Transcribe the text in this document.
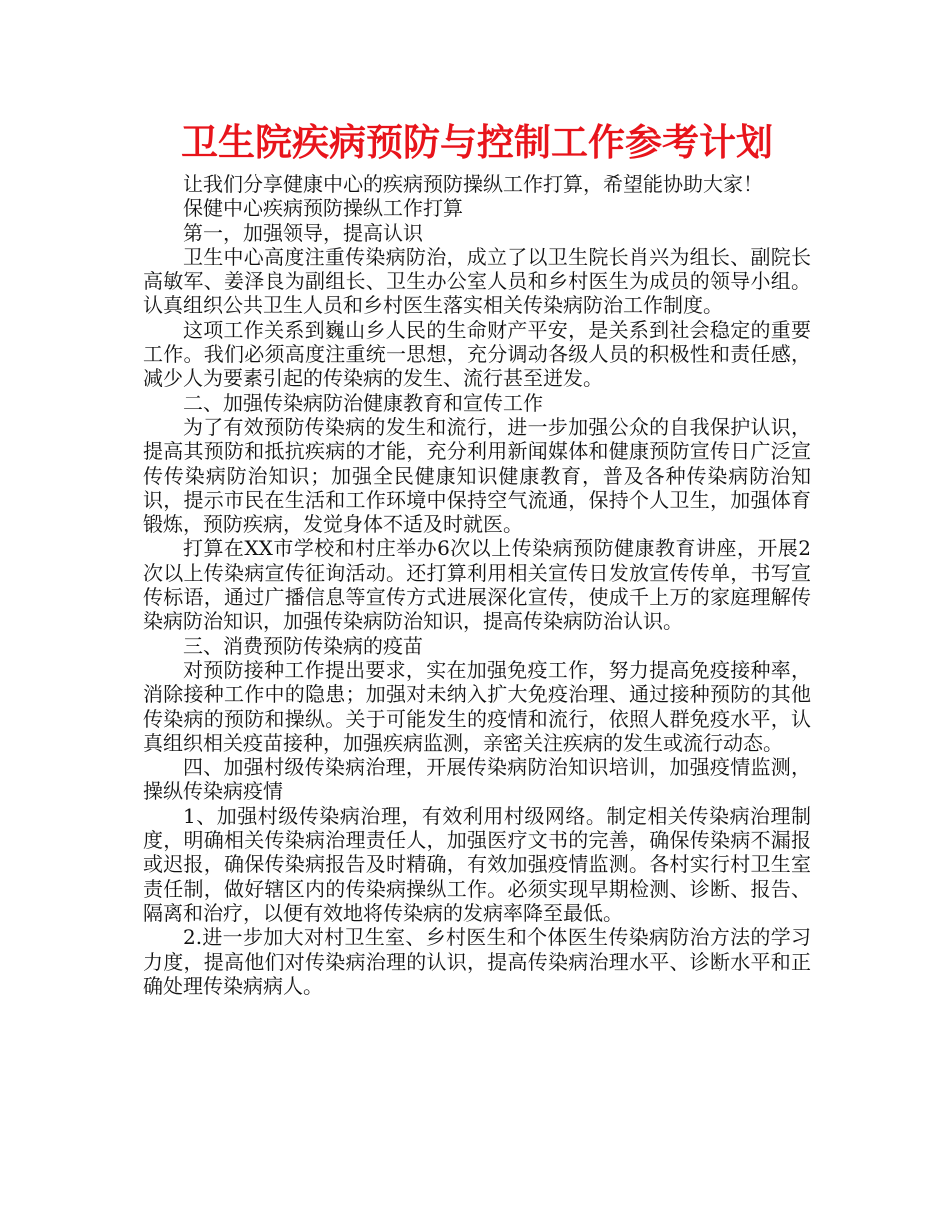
卫生院疾病预防与控制工作参考计划

让我们分享健康中心的疾病预防操纵工作打算，希望能协助大家！

保健中心疾病预防操纵工作打算

第一，加强领导，提高认识

卫生中心高度注重传染病防治，成立了以卫生院长肖兴为组长、副院长高敏军、姜泽良为副组长、卫生办公室人员和乡村医生为成员的领导小组。认真组织公共卫生人员和乡村医生落实相关传染病防治工作制度。

这项工作关系到巍山乡人民的生命财产平安，是关系到社会稳定的重要工作。我们必须高度注重统一思想，充分调动各级人员的积极性和责任感，减少人为要素引起的传染病的发生、流行甚至迸发。

二、加强传染病防治健康教育和宣传工作

为了有效预防传染病的发生和流行，进一步加强公众的自我保护认识，提高其预防和抵抗疾病的才能，充分利用新闻媒体和健康预防宣传日广泛宣传传染病防治知识；加强全民健康知识健康教育，普及各种传染病防治知识，提示市民在生活和工作环境中保持空气流通，保持个人卫生，加强体育锻炼，预防疾病，发觉身体不适及时就医。

打算在XX市学校和村庄举办6次以上传染病预防健康教育讲座，开展2次以上传染病宣传征询活动。还打算利用相关宣传日发放宣传传单，书写宣传标语，通过广播信息等宣传方式进展深化宣传，使成千上万的家庭理解传染病防治知识，加强传染病防治知识，提高传染病防治认识。

三、消费预防传染病的疫苗

对预防接种工作提出要求，实在加强免疫工作，努力提高免疫接种率，消除接种工作中的隐患；加强对未纳入扩大免疫治理、通过接种预防的其他传染病的预防和操纵。关于可能发生的疫情和流行，依照人群免疫水平，认真组织相关疫苗接种，加强疾病监测，亲密关注疾病的发生或流行动态。

四、加强村级传染病治理，开展传染病防治知识培训，加强疫情监测，操纵传染病疫情

1、加强村级传染病治理，有效利用村级网络。制定相关传染病治理制度，明确相关传染病治理责任人，加强医疗文书的完善，确保传染病不漏报或迟报，确保传染病报告及时精确，有效加强疫情监测。各村实行村卫生室责任制，做好辖区内的传染病操纵工作。必须实现早期检测、诊断、报告、隔离和治疗，以便有效地将传染病的发病率降至最低。

2.进一步加大对村卫生室、乡村医生和个体医生传染病防治方法的学习力度，提高他们对传染病治理的认识，提高传染病治理水平、诊断水平和正确处理传染病病人。
